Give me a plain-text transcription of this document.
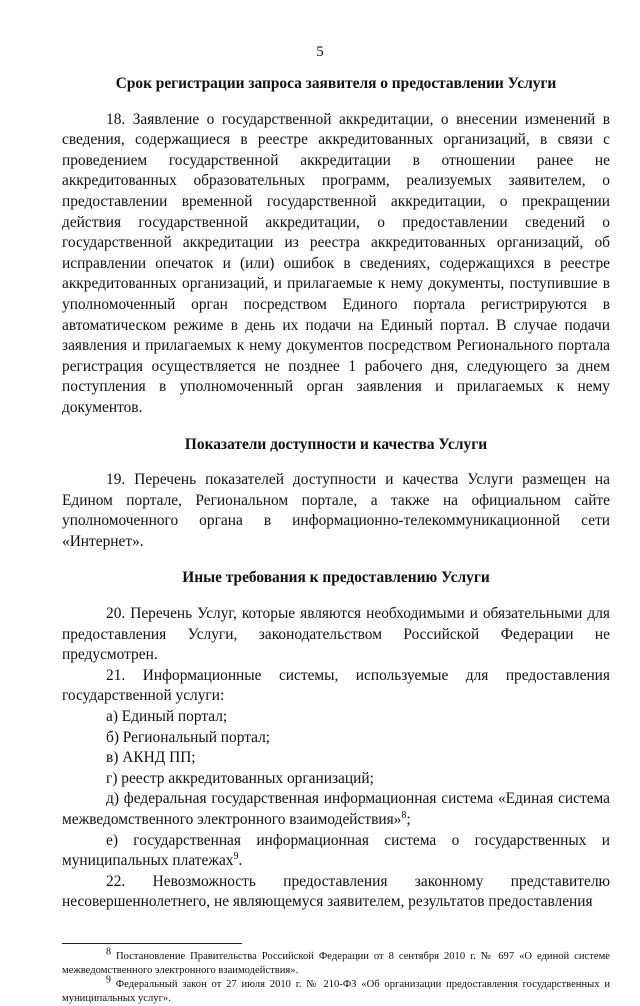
5
Срок регистрации запроса заявителя о предоставлении Услуги

18. Заявление о государственной аккредитации, о внесении изменений в сведения, содержащиеся в реестре аккредитованных организаций, в связи с проведением государственной аккредитации в отношении ранее не аккредитованных образовательных программ, реализуемых заявителем, о предоставлении временной государственной аккредитации, о прекращении действия государственной аккредитации, о предоставлении сведений о государственной аккредитации из реестра аккредитованных организаций, об исправлении опечаток и (или) ошибок в сведениях, содержащихся в реестре аккредитованных организаций, и прилагаемые к нему документы, поступившие в уполномоченный орган посредством Единого портала регистрируются в автоматическом режиме в день их подачи на Единый портал. В случае подачи заявления и прилагаемых к нему документов посредством Регионального портала регистрация осуществляется не позднее 1 рабочего дня, следующего за днем поступления в уполномоченный орган заявления и прилагаемых к нему документов.

Показатели доступности и качества Услуги

19. Перечень показателей доступности и качества Услуги размещен на Едином портале, Региональном портале, а также на официальном сайте уполномоченного органа в информационно-телекоммуникационной сети «Интернет».

Иные требования к предоставлению Услуги

20. Перечень Услуг, которые являются необходимыми и обязательными для предоставления Услуги, законодательством Российской Федерации не предусмотрен.

21. Информационные системы, используемые для предоставления государственной услуги:

а) Единый портал;

б) Региональный портал;

в) АКНД ПП;

г) реестр аккредитованных организаций;

д) федеральная государственная информационная система «Единая система межведомственного электронного взаимодействия»$^8$;

е) государственная информационная система о государственных и муниципальных платежах$^9$.

22. Невозможность предоставления законному представителю несовершеннолетнего, не являющемуся заявителем, результатов предоставления

$^8$ Постановление Правительства Российской Федерации от 8 сентября 2010 г. № 697 «О единой системе межведомственного электронного взаимодействия».

$^9$ Федеральный закон от 27 июля 2010 г. № 210-ФЗ «Об организации предоставления государственных и муниципальных услуг».
